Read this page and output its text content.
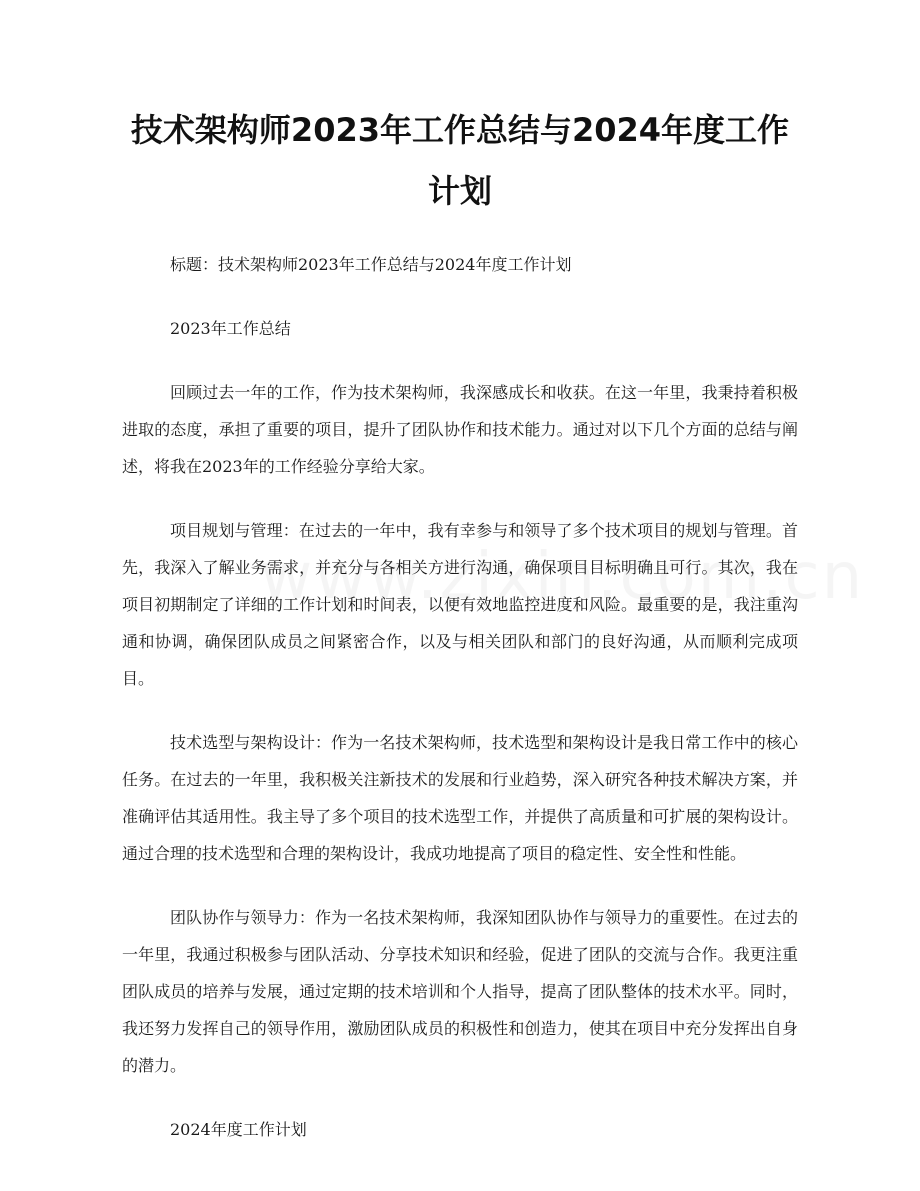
技术架构师2023年工作总结与2024年度工作计划

标题：技术架构师2023年工作总结与2024年度工作计划

2023年工作总结

回顾过去一年的工作，作为技术架构师，我深感成长和收获。在这一年里，我秉持着积极进取的态度，承担了重要的项目，提升了团队协作和技术能力。通过对以下几个方面的总结与阐述，将我在2023年的工作经验分享给大家。

项目规划与管理：在过去的一年中，我有幸参与和领导了多个技术项目的规划与管理。首先，我深入了解业务需求，并充分与各相关方进行沟通，确保项目目标明确且可行。其次，我在项目初期制定了详细的工作计划和时间表，以便有效地监控进度和风险。最重要的是，我注重沟通和协调，确保团队成员之间紧密合作，以及与相关团队和部门的良好沟通，从而顺利完成项目。

技术选型与架构设计：作为一名技术架构师，技术选型和架构设计是我日常工作中的核心任务。在过去的一年里，我积极关注新技术的发展和行业趋势，深入研究各种技术解决方案，并准确评估其适用性。我主导了多个项目的技术选型工作，并提供了高质量和可扩展的架构设计。通过合理的技术选型和合理的架构设计，我成功地提高了项目的稳定性、安全性和性能。

团队协作与领导力：作为一名技术架构师，我深知团队协作与领导力的重要性。在过去的一年里，我通过积极参与团队活动、分享技术知识和经验，促进了团队的交流与合作。我更注重团队成员的培养与发展，通过定期的技术培训和个人指导，提高了团队整体的技术水平。同时，我还努力发挥自己的领导作用，激励团队成员的积极性和创造力，使其在项目中充分发挥出自身的潜力。

2024年度工作计划
